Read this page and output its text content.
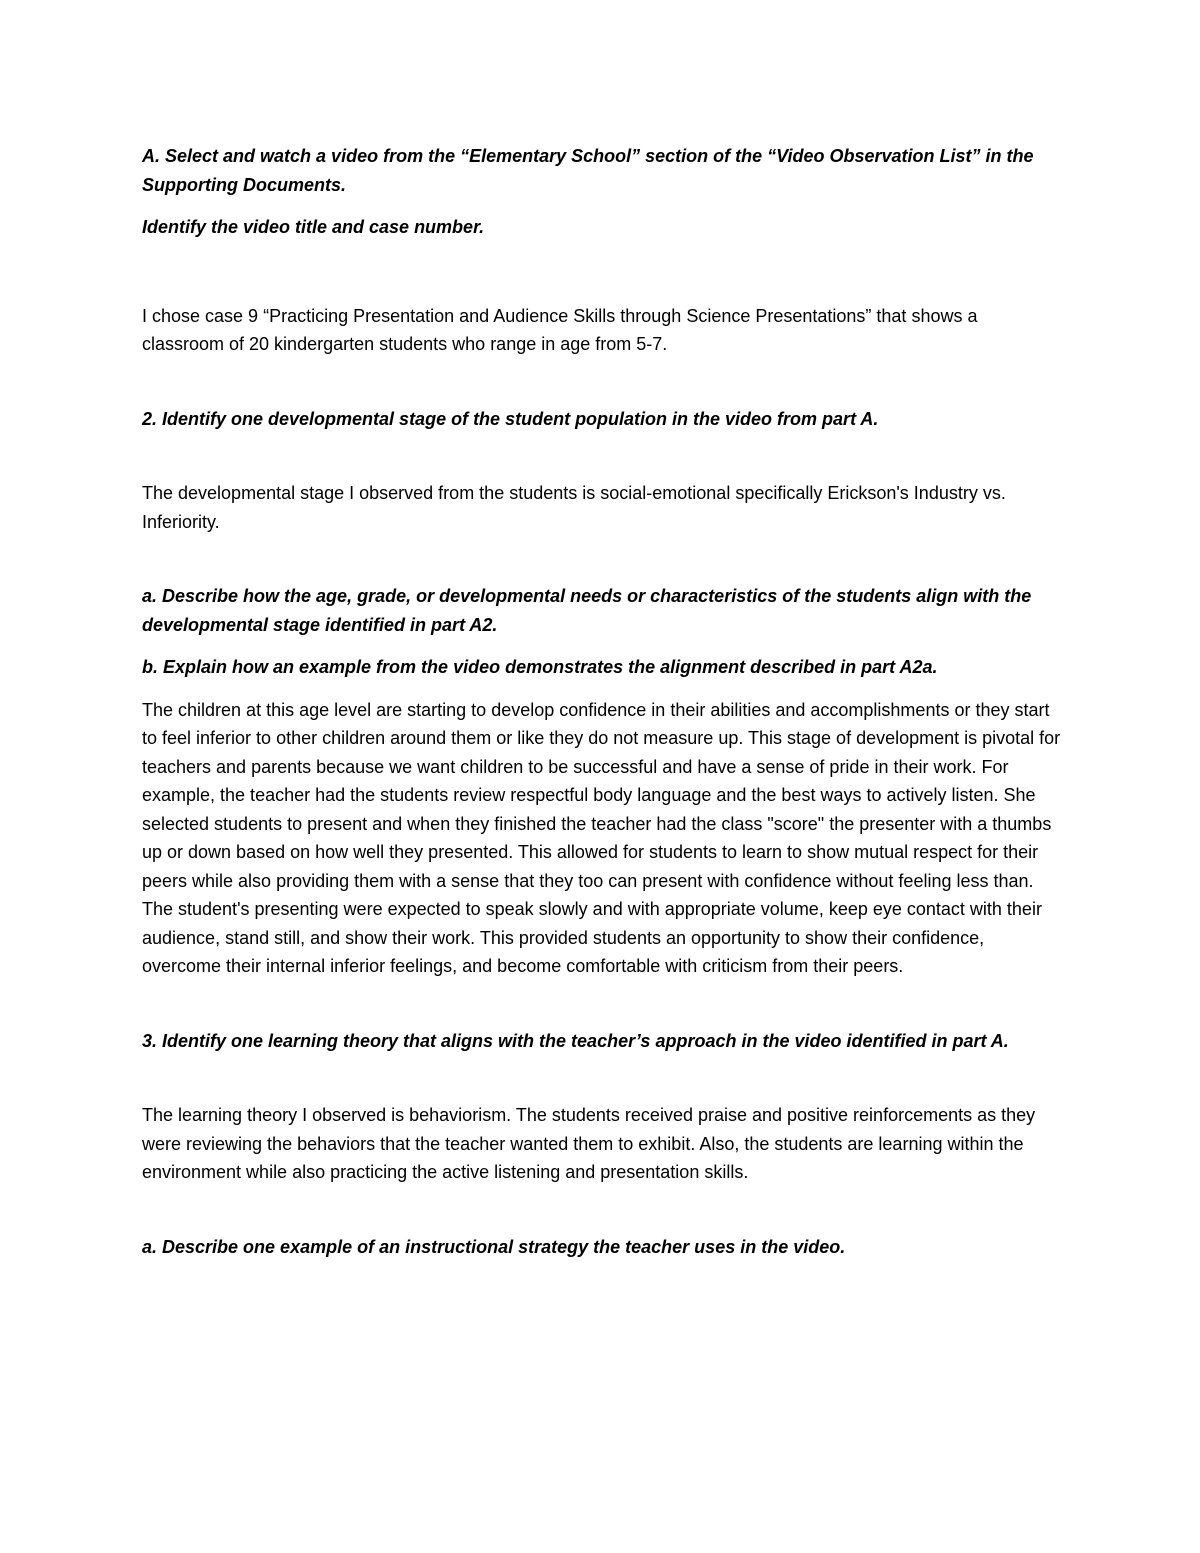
A. Select and watch a video from the “Elementary School” section of the “Video Observation List” in the Supporting Documents.

Identify the video title and case number.

I chose case 9 “Practicing Presentation and Audience Skills through Science Presentations” that shows a classroom of 20 kindergarten students who range in age from 5-7.

2. Identify one developmental stage of the student population in the video from part A.

The developmental stage I observed from the students is social-emotional specifically Erickson's Industry vs. Inferiority.

a. Describe how the age, grade, or developmental needs or characteristics of the students align with the developmental stage identified in part A2.

b. Explain how an example from the video demonstrates the alignment described in part A2a.

The children at this age level are starting to develop confidence in their abilities and accomplishments or they start to feel inferior to other children around them or like they do not measure up. This stage of development is pivotal for teachers and parents because we want children to be successful and have a sense of pride in their work. For example, the teacher had the students review respectful body language and the best ways to actively listen. She selected students to present and when they finished the teacher had the class "score" the presenter with a thumbs up or down based on how well they presented. This allowed for students to learn to show mutual respect for their peers while also providing them with a sense that they too can present with confidence without feeling less than. The student's presenting were expected to speak slowly and with appropriate volume, keep eye contact with their audience, stand still, and show their work. This provided students an opportunity to show their confidence, overcome their internal inferior feelings, and become comfortable with criticism from their peers.

3. Identify one learning theory that aligns with the teacher’s approach in the video identified in part A.

The learning theory I observed is behaviorism. The students received praise and positive reinforcements as they were reviewing the behaviors that the teacher wanted them to exhibit. Also, the students are learning within the environment while also practicing the active listening and presentation skills.

a. Describe one example of an instructional strategy the teacher uses in the video.
